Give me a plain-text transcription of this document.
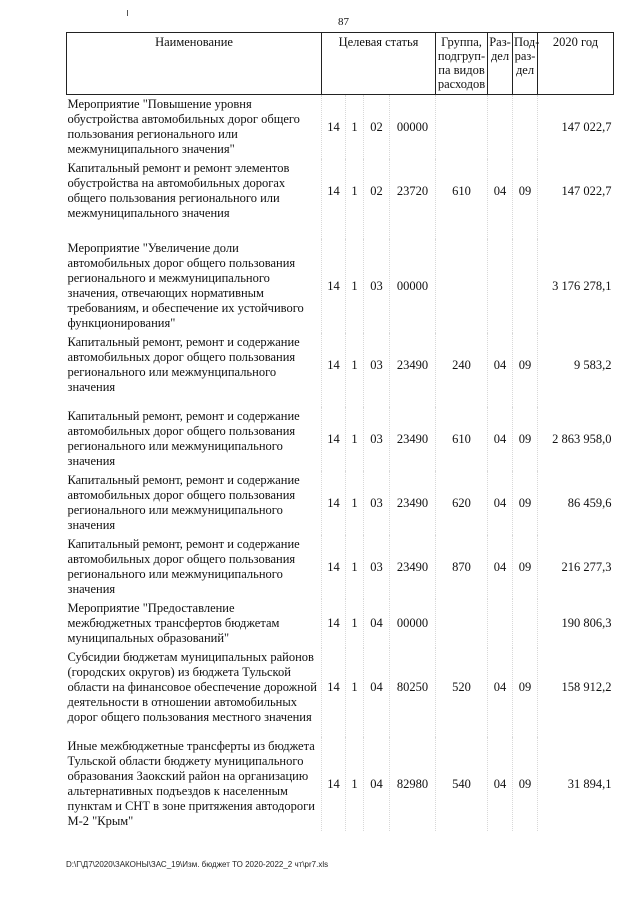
87
Наименование	Целевая статья				Группа, подгруп-па видов расходов	Раз-дел	Под-раз-дел	2020 год
Мероприятие "Повышение уровня обустройства автомобильных дорог общего пользования регионального или межмуниципального значения"	14	1	02	00000				147 022,7
Капитальный ремонт и ремонт элементов обустройства на автомобильных дорогах общего пользования регионального или межмуниципального значения	14	1	02	23720	610	04	09	147 022,7
Мероприятие "Увеличение доли автомобильных дорог общего пользования регионального и межмуниципального значения, отвечающих нормативным требованиям, и обеспечение их устойчивого функционирования"	14	1	03	00000				3 176 278,1
Капитальный ремонт, ремонт и содержание автомобильных дорог общего пользования регионального или межмунципального значения	14	1	03	23490	240	04	09	9 583,2
Капитальный ремонт, ремонт и содержание автомобильных дорог общего пользования регионального или межмуниципального значения	14	1	03	23490	610	04	09	2 863 958,0
Капитальный ремонт, ремонт и содержание автомобильных дорог общего пользования регионального или межмуниципального значения	14	1	03	23490	620	04	09	86 459,6
Капитальный ремонт, ремонт и содержание автомобильных дорог общего пользования регионального или межмуниципального значения	14	1	03	23490	870	04	09	216 277,3
Мероприятие "Предоставление межбюджетных трансфертов бюджетам муниципальных образований"	14	1	04	00000				190 806,3
Субсидии бюджетам муниципальных районов (городских округов) из бюджета Тульской области на финансовое обеспечение дорожной деятельности в отношении автомобильных дорог общего пользования местного значения	14	1	04	80250	520	04	09	158 912,2
Иные межбюджетные трансферты из бюджета Тульской области бюджету муниципального образования Заокский район на организацию альтернативных подъездов к населенным пунктам и СНТ в зоне притяжения автодороги М-2 "Крым"	14	1	04	82980	540	04	09	31 894,1
D:\Г\Д7\2020\ЗАКОНЫ\ЗАС_19\Изм. бюджет ТО 2020-2022_2 чт\pr7.xls
